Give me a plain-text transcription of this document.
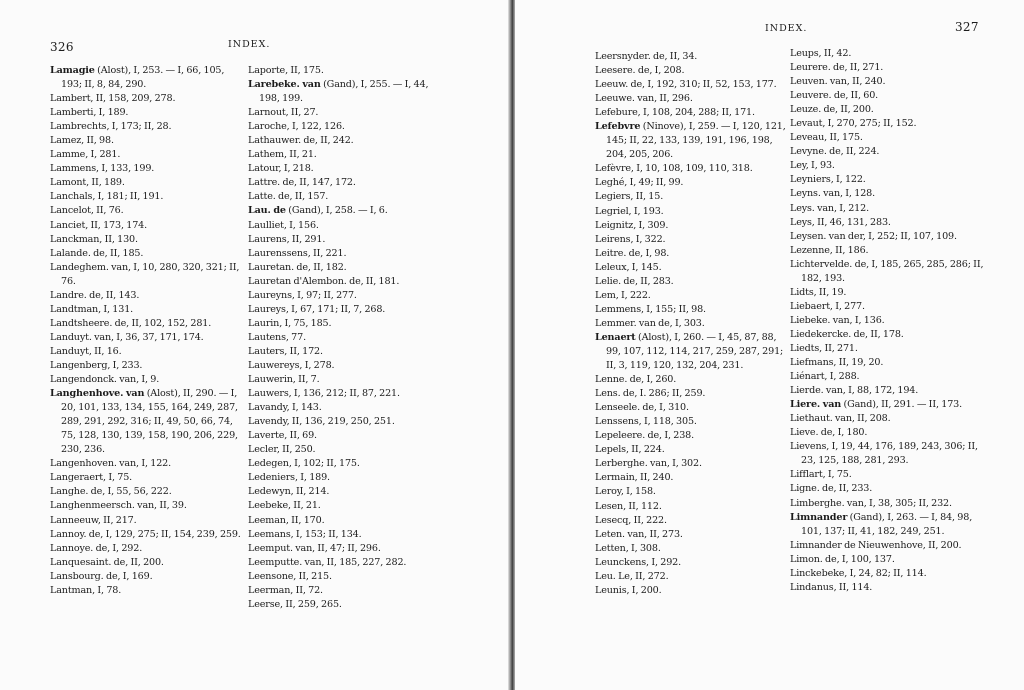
326	INDEX.
Lamagie (Alost), I, 253. — I, 66, 105, 193; II, 8, 84, 290.
Lambert, II, 158, 209, 278.
Lamberti, I, 189.
Lambrechts, I, 173; II, 28.
Lamez, II, 98.
Lamme, I, 281.
Lammens, I, 133, 199.
Lamont, II, 189.
Lanchals, I, 181; II, 191.
Lancelot, II, 76.
Lanciet, II, 173, 174.
Lanckman, II, 130.
Lalande. de, II, 185.
Landeghem. van, I, 10, 280, 320, 321; II, 76.
Landre. de, II, 143.
Landtman, I, 131.
Landtsheere. de, II, 102, 152, 281.
Landuyt. van, I, 36, 37, 171, 174.
Landuyt, II, 16.
Langenberg, I, 233.
Langendonck. van, I, 9.
Langhenhove. van (Alost), II, 290. — I, 20, 101, 133, 134, 155, 164, 249, 287, 289, 291, 292, 316; II, 49, 50, 66, 74, 75, 128, 130, 139, 158, 190, 206, 229, 230, 236.
Langenhoven. van, I, 122.
Langeraert, I, 75.
Langhe. de, I, 55, 56, 222.
Langhenmeersch. van, II, 39.
Lanneeuw, II, 217.
Lannoy. de, I, 129, 275; II, 154, 239, 259.
Lannoye. de, I, 292.
Lanquesaint. de, II, 200.
Lansbourg. de, I, 169.
Lantman, I, 78.
Laporte, II, 175.
Larebeke. van (Gand), I, 255. — I, 44, 198, 199.
Larnout, II, 27.
Laroche, I, 122, 126.
Lathauwer. de, II, 242.
Lathem, II, 21.
Latour, I, 218.
Lattre. de, II, 147, 172.
Latte. de, II, 157.
Lau. de (Gand), I, 258. — I, 6.
Laulliet, I, 156.
Laurens, II, 291.
Laurenssens, II, 221.
Lauretan. de, II, 182.
Lauretan d'Alembon. de, II, 181.
Laureyns, I, 97; II, 277.
Laureys, I, 67, 171; II, 7, 268.
Laurin, I, 75, 185.
Lautens, 77.
Lauters, II, 172.
Lauwereys, I, 278.
Lauwerin, II, 7.
Lauwers, I, 136, 212; II, 87, 221.
Lavandy, I, 143.
Lavendy, II, 136, 219, 250, 251.
Laverte, II, 69.
Lecler, II, 250.
Ledegen, I, 102; II, 175.
Ledeniers, I, 189.
Ledewyn, II, 214.
Leebeke, II, 21.
Leeman, II, 170.
Leemans, I, 153; II, 134.
Leemput. van, II, 47; II, 296.
Leemputte. van, II, 185, 227, 282.
Leensone, II, 215.
Leerman, II, 72.
Leerse, II, 259, 265.
INDEX.	327
Leersnyder. de, II, 34.
Leesere. de, I, 208.
Leeuw. de, I, 192, 310; II, 52, 153, 177.
Leeuwe. van, II, 296.
Lefebure, I, 108, 204, 288; II, 171.
Lefebvre (Ninove), I, 259. — I, 120, 121, 145; II, 22, 133, 139, 191, 196, 198, 204, 205, 206.
Lefèvre, I, 10, 108, 109, 110, 318.
Leghé, I, 49; II, 99.
Legiers, II, 15.
Legriel, I, 193.
Leignitz, I, 309.
Leirens, I, 322.
Leitre. de, I, 98.
Leleux, I, 145.
Lelie. de, II, 283.
Lem, I, 222.
Lemmens, I, 155; II, 98.
Lemmer. van de, I, 303.
Lenaert (Alost), I, 260. — I, 45, 87, 88, 99, 107, 112, 114, 217, 259, 287, 291; II, 3, 119, 120, 132, 204, 231.
Lenne. de, I, 260.
Lens. de, I. 286; II, 259.
Lenseele. de, I, 310.
Lenssens, I, 118, 305.
Lepeleere. de, I, 238.
Lepels, II, 224.
Lerberghe. van, I, 302.
Lermain, II, 240.
Leroy, I, 158.
Lesen, II, 112.
Lesecq, II, 222.
Leten. van, II, 273.
Letten, I, 308.
Leunckens, I, 292.
Leu. Le, II, 272.
Leunis, I, 200.
Leups, II, 42.
Leurere. de, II, 271.
Leuven. van, II, 240.
Leuvere. de, II, 60.
Leuze. de, II, 200.
Levaut, I, 270, 275; II, 152.
Leveau, II, 175.
Levyne. de, II, 224.
Ley, I, 93.
Leyniers, I, 122.
Leyns. van, I, 128.
Leys. van, I, 212.
Leys, II, 46, 131, 283.
Leysen. van der, I, 252; II, 107, 109.
Lezenne, II, 186.
Lichtervelde. de, I, 185, 265, 285, 286; II, 182, 193.
Lidts, II, 19.
Liebaert, I, 277.
Liebeke. van, I, 136.
Liedekercke. de, II, 178.
Liedts, II, 271.
Liefmans, II, 19, 20.
Liénart, I, 288.
Lierde. van, I, 88, 172, 194.
Liere. van (Gand), II, 291. — II, 173.
Liethaut. van, II, 208.
Lieve. de, I, 180.
Lievens, I, 19, 44, 176, 189, 243, 306; II, 23, 125, 188, 281, 293.
Lifflart, I, 75.
Ligne. de, II, 233.
Limberghe. van, I, 38, 305; II, 232.
Limnander (Gand), I, 263. — I, 84, 98, 101, 137; II, 41, 182, 249, 251.
Limnander de Nieuwenhove, II, 200.
Limon. de, I, 100, 137.
Linckebeke, I, 24, 82; II, 114.
Lindanus, II, 114.
